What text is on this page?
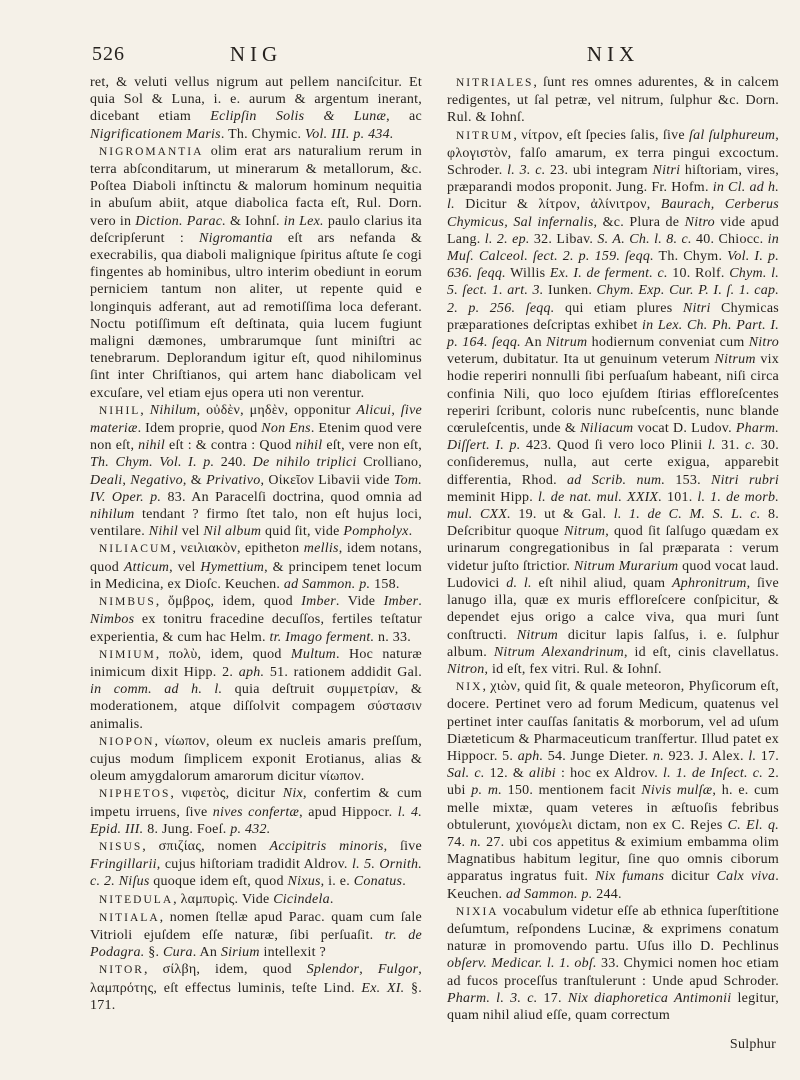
526	NIG	NIX

ret, & veluti vellus nigrum aut pellem nanciſcitur. Et quia Sol & Luna, i. e. aurum & argentum inerant, dicebant etiam Eclipſin Solis & Lunæ, ac Nigrificationem Maris. Th. Chymic. Vol. III. p. 434.

NIGROMANTIA olim erat ars naturalium rerum in terra abſconditarum, ut minerarum & metallorum, &c. Poſtea Diaboli inſtinctu & malorum hominum nequitia in abuſum abiit, atque diabolica facta eſt, Rul. Dorn. vero in Diction. Parac. & Iohnſ. in Lex. paulo clarius ita deſcripſerunt : Nigromantia eſt ars nefanda & execrabilis, qua diaboli malignique ſpiritus aſtute ſe cogi fingentes ab hominibus, ultro interim obediunt in eorum perniciem tantum non aliter, ut repente quid e longinquis adferant, aut ad remotiſſima loca deferant. Noctu potiſſimum eſt deſtinata, quia lucem fugiunt maligni dæmones, umbrarumque ſunt miniſtri ac tenebrarum. Deplorandum igitur eſt, quod nihilominus ſint inter Chriſtianos, qui artem hanc diabolicam vel excuſare, vel etiam ejus opera uti non verentur.

NIHIL, Nihilum, οὐδὲν, μηδὲν, opponitur Alicui, ſive materiæ. Idem proprie, quod Non Ens. Etenim quod vere non eſt, nihil eſt : & contra : Quod nihil eſt, vere non eſt, Th. Chym. Vol. I. p. 240. De nihilo triplici Crolliano, Deali, Negativo, & Privativo, Οἰκεῖον Libavii vide Tom. IV. Oper. p. 83. An Paracelſi doctrina, quod omnia ad nihilum tendant ? firmo ſtet talo, non eſt hujus loci, ventilare. Nihil vel Nil album quid ſit, vide Pompholyx.

NILIACUM, νειλιακὸν, epitheton mellis, idem notans, quod Atticum, vel Hymettium, & principem tenet locum in Medicina, ex Dioſc. Keuchen. ad Sammon. p. 158.

NIMBUS, ὄμβρος, idem, quod Imber. Vide Imber. Nimbos ex tonitru fracedine decuſſos, fertiles teſtatur experientia, & cum hac Helm. tr. Imago ferment. n. 33.

NIMIUM, πολὺ, idem, quod Multum. Hoc naturæ inimicum dixit Hipp. 2. aph. 51. rationem addidit Gal. in comm. ad h. l. quia deſtruit συμμετρίαν, & moderationem, atque diſſolvit compagem σύστασιν animalis.

NIOPON, νίωπον, oleum ex nucleis amaris preſſum, cujus modum ſimplicem exponit Erotianus, alias & oleum amygdalorum amarorum dicitur νίωπον.

NIPHETOS, νιφετὸς, dicitur Nix, confertim & cum impetu irruens, ſive nives confertæ, apud Hippocr. l. 4. Epid. III. 8. Jung. Foeſ. p. 432.

NISUS, σπιζίας, nomen Accipitris minoris, ſive Fringillarii, cujus hiſtoriam tradidit Aldrov. l. 5. Ornith. c. 2. Niſus quoque idem eſt, quod Nixus, i. e. Conatus.

NITEDULA, λαμπυρὶς. Vide Cicindela.

NITIALA, nomen ſtellæ apud Parac. quam cum ſale Vitrioli ejuſdem eſſe naturæ, ſibi perſuaſit. tr. de Podagra. §. Cura. An Sirium intellexit ?

NITOR, σίλβη, idem, quod Splendor, Fulgor, λαμπρότης, eſt effectus luminis, teſte Lind. Ex. XI. §. 171.

NITRIALES, ſunt res omnes adurentes, & in calcem redigentes, ut ſal petræ, vel nitrum, ſulphur &c. Dorn. Rul. & Iohnſ.

NITRUM, νίτρον, eſt ſpecies ſalis, ſive ſal ſulphureum, φλογιστὸν, falſo amarum, ex terra pingui excoctum. Schroder. l. 3. c. 23. ubi integram Nitri hiſtoriam, vires, præparandi modos proponit. Jung. Fr. Hofm. in Cl. ad h. l. Dicitur & λίτρον, ἀλίνιτρον, Baurach, Cerberus Chymicus, Sal infernalis, &c. Plura de Nitro vide apud Lang. l. 2. ep. 32. Libav. S. A. Ch. l. 8. c. 40. Chiocc. in Muſ. Calceol. ſect. 2. p. 159. ſeqq. Th. Chym. Vol. I. p. 636. ſeqq. Willis Ex. I. de ferment. c. 10. Rolf. Chym. l. 5. ſect. 1. art. 3. Iunken. Chym. Exp. Cur. P. I. ſ. 1. cap. 2. p. 256. ſeqq. qui etiam plures Nitri Chymicas præparationes deſcriptas exhibet in Lex. Ch. Ph. Part. I. p. 164. ſeqq. An Nitrum hodiernum conveniat cum Nitro veterum, dubitatur. Ita ut genuinum veterum Nitrum vix hodie reperiri nonnulli ſibi perſuaſum habeant, niſi circa confinia Nili, quo loco ejuſdem ſtirias effloreſcentes reperiri ſcribunt, coloris nunc rubeſcentis, nunc blande cœruleſcentis, unde & Niliacum vocat D. Ludov. Pharm. Diſſert. I. p. 423. Quod ſi vero loco Plinii l. 31. c. 30. conſideremus, nulla, aut certe exigua, apparebit differentia, Rhod. ad Scrib. num. 153. Nitri rubri meminit Hipp. l. de nat. mul. XXIX. 101. l. 1. de morb. mul. CXX. 19. ut & Gal. l. 1. de C. M. S. L. c. 8. Deſcribitur quoque Nitrum, quod ſit ſalſugo quædam ex urinarum congregationibus in ſal præparata : verum videtur juſto ſtrictior. Nitrum Murarium quod vocat laud. Ludovici d. l. eſt nihil aliud, quam Aphronitrum, ſive lanugo illa, quæ ex muris effloreſcere conſpicitur, & dependet ejus origo a calce viva, qua muri ſunt conſtructi. Nitrum dicitur lapis ſalſus, i. e. ſulphur album. Nitrum Alexandrinum, id eſt, cinis clavellatus. Nitron, id eſt, fex vitri. Rul. & Iohnſ.

NIX, χιὼν, quid ſit, & quale meteoron, Phyſicorum eſt, docere. Pertinet vero ad forum Medicum, quatenus vel pertinet inter cauſſas ſanitatis & morborum, vel ad uſum Diæteticum & Pharmaceuticum tranſfertur. Illud patet ex Hippocr. 5. aph. 54. Junge Dieter. n. 923. J. Alex. l. 17. Sal. c. 12. & alibi : hoc ex Aldrov. l. 1. de Inſect. c. 2. ubi p. m. 150. mentionem facit Nivis mulſæ, h. e. cum melle mixtæ, quam veteres in æſtuoſis febribus obtulerunt, χιονόμελι dictam, non ex C. Rejes C. El. q. 74. n. 27. ubi cos appetitus & eximium embamma olim Magnatibus habitum legitur, ſine quo omnis ciborum apparatus ingratus fuit. Nix fumans dicitur Calx viva. Keuchen. ad Sammon. p. 244.

NIXIA vocabulum videtur eſſe ab ethnica ſuperſtitione deſumtum, reſpondens Lucinæ, & exprimens conatum naturæ in promovendo partu. Uſus illo D. Pechlinus obſerv. Medicar. l. 1. obſ. 33. Chymici nomen hoc etiam ad fucos proceſſus tranſtulerunt : Unde apud Schroder. Pharm. l. 3. c. 17. Nix diaphoretica Antimonii legitur, quam nihil aliud eſſe, quam correctum

Sulphur
